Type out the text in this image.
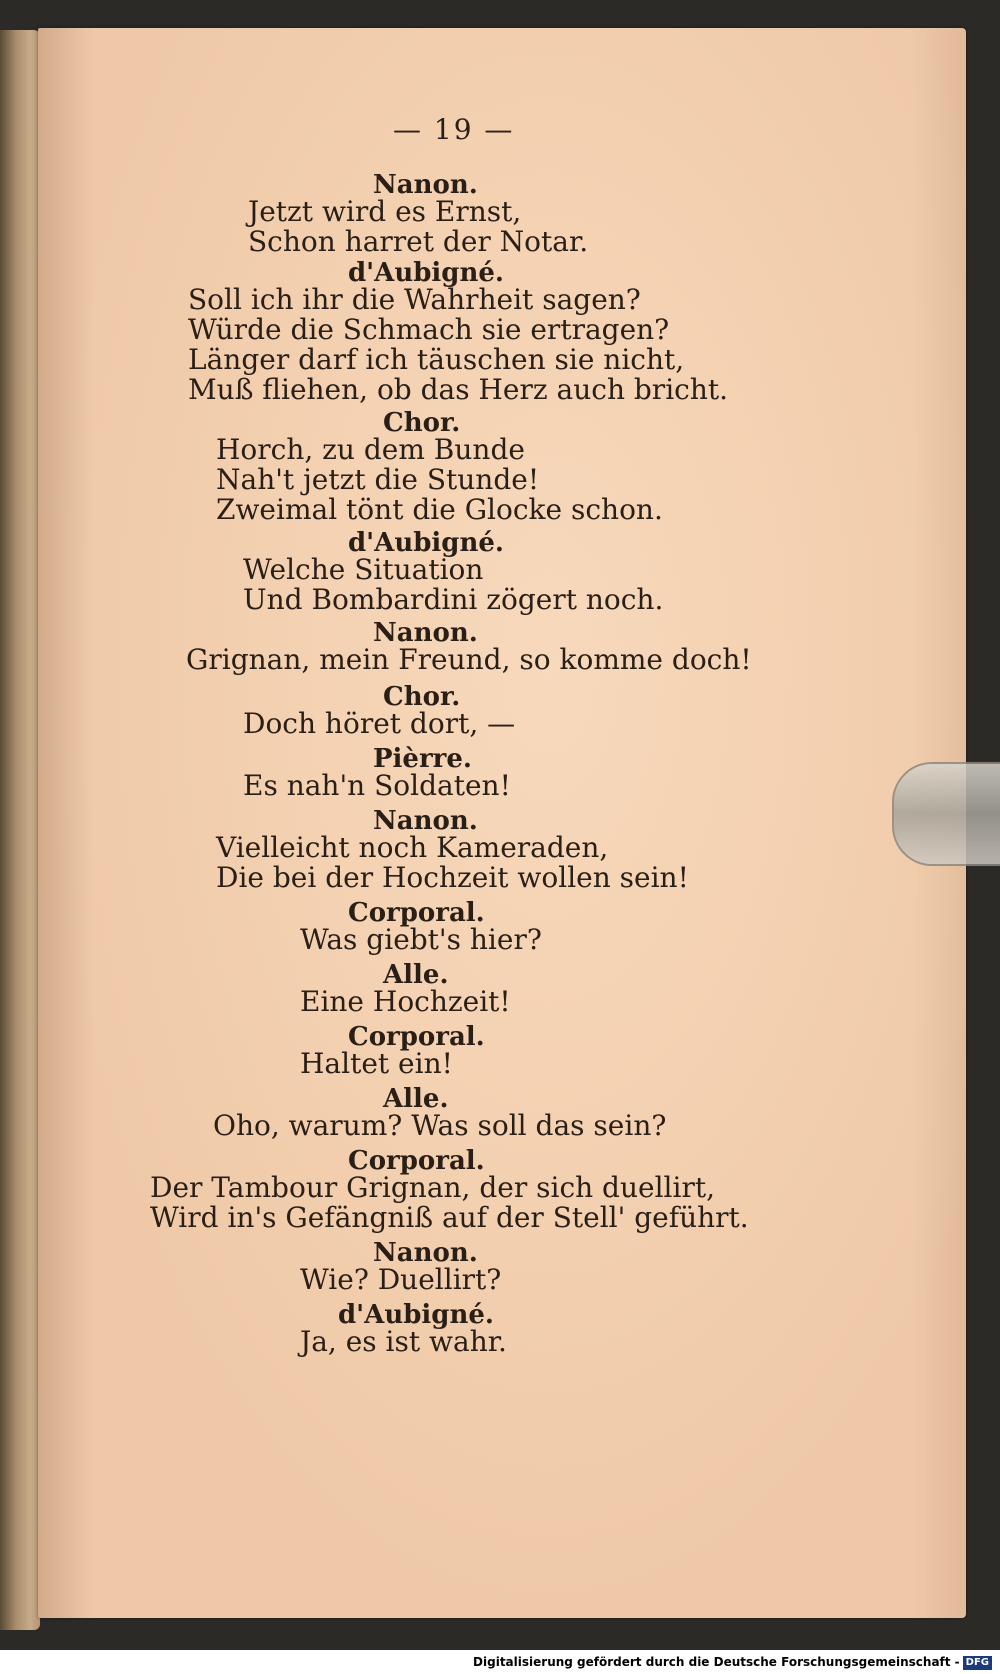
— 19 —
Nanon.
Jetzt wird es Ernst,
Schon harret der Notar.
d'Aubigné.
Soll ich ihr die Wahrheit sagen?
Würde die Schmach sie ertragen?
Länger darf ich täuschen sie nicht,
Muß fliehen, ob das Herz auch bricht.
Chor.
Horch, zu dem Bunde
Nah't jetzt die Stunde!
Zweimal tönt die Glocke schon.
d'Aubigné.
Welche Situation
Und Bombardini zögert noch.
Nanon.
Grignan, mein Freund, so komme doch!
Chor.
Doch höret dort, —
Pièrre.
Es nah'n Soldaten!
Nanon.
Vielleicht noch Kameraden,
Die bei der Hochzeit wollen sein!
Corporal.
Was giebt's hier?
Alle.
Eine Hochzeit!
Corporal.
Haltet ein!
Alle.
Oho, warum? Was soll das sein?
Corporal.
Der Tambour Grignan, der sich duellirt,
Wird in's Gefängniß auf der Stell' geführt.
Nanon.
Wie? Duellirt?
d'Aubigné.
Ja, es ist wahr.
Digitalisierung gefördert durch die Deutsche Forschungsgemeinschaft - DFG
